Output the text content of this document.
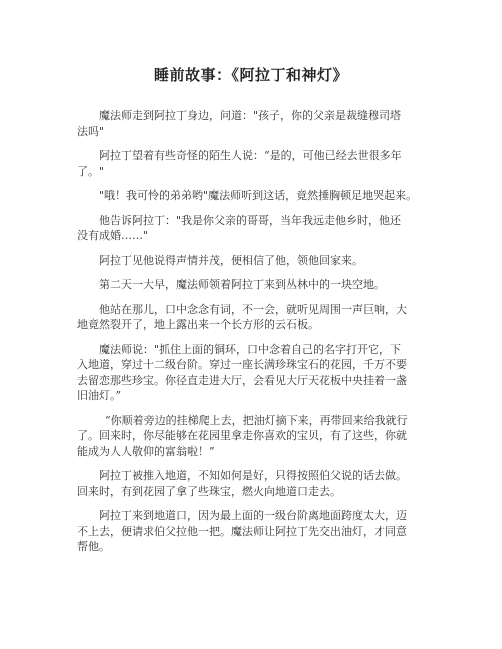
睡前故事：《阿拉丁和神灯》

魔法师走到阿拉丁身边，问道："孩子，你的父亲是裁缝穆司塔
法吗"

阿拉丁望着有些奇怪的陌生人说：“是的，可他已经去世很多年
了。"

"哦！我可怜的弟弟哟"魔法师听到这话，竟然捶胸顿足地哭起来。

他告诉阿拉丁："我是你父亲的哥哥，当年我远走他乡时，他还
没有成婚……"

阿拉丁见他说得声情并茂，便相信了他，领他回家来。

第二天一大早，魔法师领着阿拉丁来到丛林中的一块空地。

他站在那儿，口中念念有词，不一会，就听见周围一声巨响，大
地竟然裂开了，地上露出来一个长方形的云石板。

魔法师说："抓住上面的铜环，口中念着自己的名字打开它，下
入地道，穿过十二级台阶。穿过一座长满珍珠宝石的花园，千万不要
去留恋那些珍宝。你径直走进大厅，会看见大厅天花板中央挂着一盏
旧油灯。”

“你顺着旁边的挂梯爬上去，把油灯摘下来，再带回来给我就行
了。回来时，你尽能够在花园里拿走你喜欢的宝贝，有了这些，你就
能成为人人敬仰的富翁啦！”

阿拉丁被推入地道，不知如何是好，只得按照伯父说的话去做。
回来时，有到花园了拿了些珠宝，燃火向地道口走去。

阿拉丁来到地道口，因为最上面的一级台阶离地面跨度太大，迈
不上去，便请求伯父拉他一把。魔法师让阿拉丁先交出油灯，才同意
帮他。
